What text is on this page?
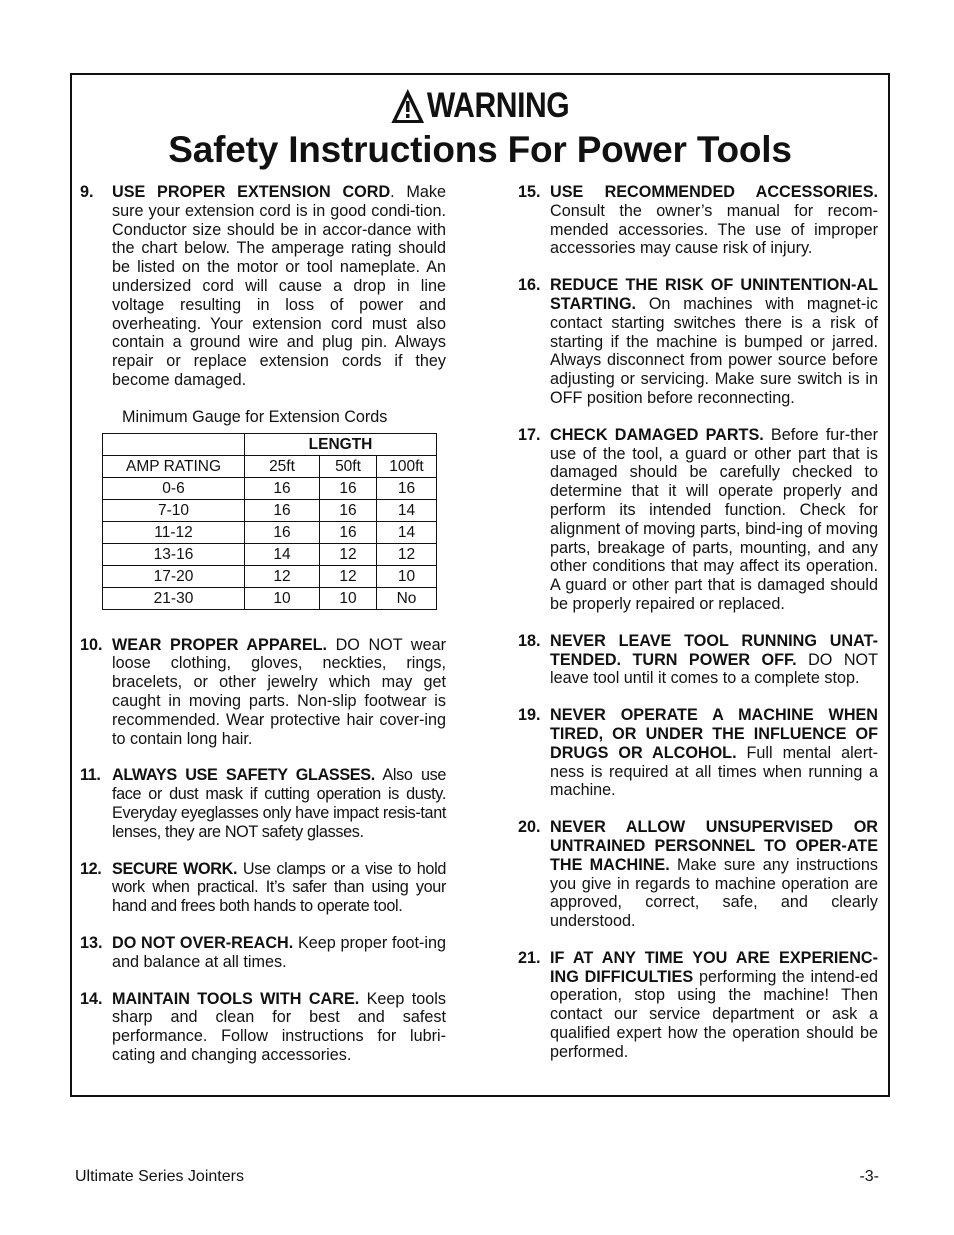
WARNING
Safety Instructions For Power Tools
9.	USE PROPER EXTENSION CORD. Make sure your extension cord is in good condi-tion. Conductor size should be in accor-dance with the chart below. The amperage rating should be listed on the motor or tool nameplate. An undersized cord will cause a drop in line voltage resulting in loss of power and overheating. Your extension cord must also contain a ground wire and plug pin. Always repair or replace extension cords if they become damaged.
Minimum Gauge for Extension Cords
	LENGTH		
AMP RATING	25ft	50ft	100ft
0-6	16	16	16
7-10	16	16	14
11-12	16	16	14
13-16	14	12	12
17-20	12	12	10
21-30	10	10	No
10. WEAR PROPER APPAREL. DO NOT wear loose clothing, gloves, neckties, rings, bracelets, or other jewelry which may get caught in moving parts. Non-slip footwear is recommended. Wear protective hair cover-ing to contain long hair.
11. ALWAYS USE SAFETY GLASSES. Also use face or dust mask if cutting operation is dusty. Everyday eyeglasses only have impact resis-tant lenses, they are NOT safety glasses.
12. SECURE WORK. Use clamps or a vise to hold work when practical. It’s safer than using your hand and frees both hands to operate tool.
13. DO NOT OVER-REACH. Keep proper foot-ing and balance at all times.
14. MAINTAIN TOOLS WITH CARE. Keep tools sharp and clean for best and safest performance. Follow instructions for lubri-cating and changing accessories.
15. USE RECOMMENDED ACCESSORIES. Consult the owner’s manual for recom-mended accessories. The use of improper accessories may cause risk of injury.
16. REDUCE THE RISK OF UNINTENTION-AL STARTING. On machines with magnet-ic contact starting switches there is a risk of starting if the machine is bumped or jarred. Always disconnect from power source before adjusting or servicing. Make sure switch is in OFF position before reconnecting.
17. CHECK DAMAGED PARTS. Before fur-ther use of the tool, a guard or other part that is damaged should be carefully checked to determine that it will operate properly and perform its intended function. Check for alignment of moving parts, bind-ing of moving parts, breakage of parts, mounting, and any other conditions that may affect its operation. A guard or other part that is damaged should be properly repaired or replaced.
18. NEVER LEAVE TOOL RUNNING UNAT-TENDED. TURN POWER OFF. DO NOT leave tool until it comes to a complete stop.
19. NEVER OPERATE A MACHINE WHEN TIRED, OR UNDER THE INFLUENCE OF DRUGS OR ALCOHOL. Full mental alert-ness is required at all times when running a machine.
20. NEVER ALLOW UNSUPERVISED OR UNTRAINED PERSONNEL TO OPER-ATE THE MACHINE. Make sure any instructions you give in regards to machine operation are approved, correct, safe, and clearly understood.
21. IF AT ANY TIME YOU ARE EXPERIENC-ING DIFFICULTIES performing the intend-ed operation, stop using the machine! Then contact our service department or ask a qualified expert how the operation should be performed.
Ultimate Series Jointers	-3-
